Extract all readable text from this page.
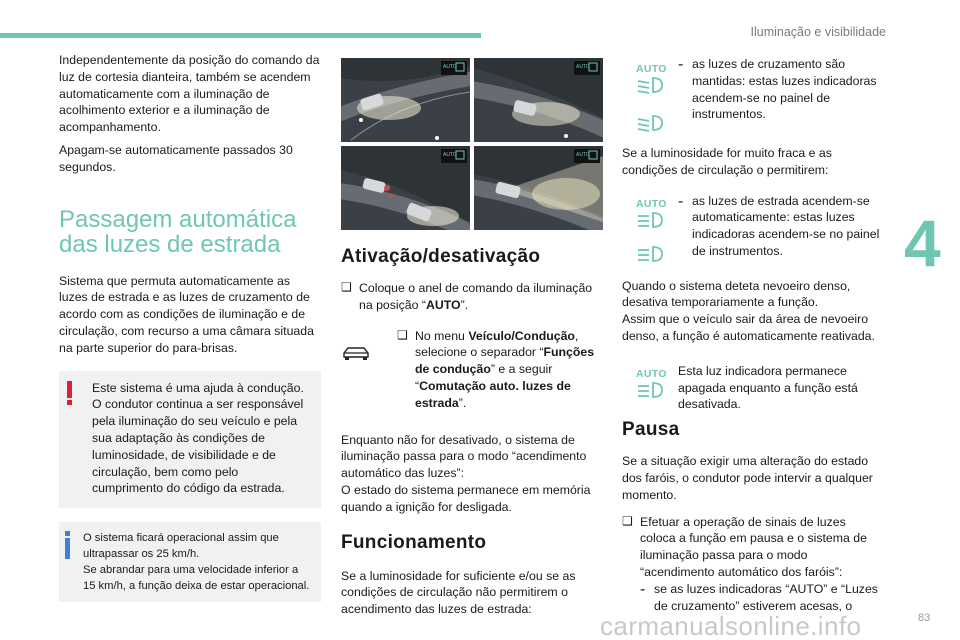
Iluminação e visibilidade
4

Independentemente da posição do comando da luz de cortesia dianteira, também se acendem automaticamente com a iluminação de acolhimento exterior e a iluminação de acompanhamento.

Apagam-se automaticamente passados 30 segundos.

Passagem automática
das luzes de estrada

Sistema que permuta automaticamente as luzes de estrada e as luzes de cruzamento de acordo com as condições de iluminação e de circulação, com recurso a uma câmara situada na parte superior do para-brisas.

Este sistema é uma ajuda à condução.

O condutor continua a ser responsável pela iluminação do seu veículo e pela sua adaptação às condições de luminosidade, de visibilidade e de circulação, bem como pelo cumprimento do código da estrada.

O sistema ficará operacional assim que ultrapassar os 25 km/h.

Se abrandar para uma velocidade inferior a 15 km/h, a função deixa de estar operacional.

AUTO	AUTO
AUTO	AUTO
Ativação/desativação
❑ Coloque o anel de comando da iluminação na posição “AUTO”.

❑ No menu Veículo/Condução, selecione o separador “Funções de condução” e a seguir “Comutação auto. luzes de estrada”.

Enquanto não for desativado, o sistema de iluminação passa para o modo “acendimento automático das luzes”:

O estado do sistema permanece em memória quando a ignição for desligada.

Funcionamento

Se a luminosidade for suficiente e/ou se as condições de circulação não permitirem o acendimento das luzes de estrada:

AUTO - as luzes de cruzamento são mantidas: estas luzes indicadoras acendem-se no painel de instrumentos.

Se a luminosidade for muito fraca e as condições de circulação o permitirem:

AUTO - as luzes de estrada acendem-se automaticamente: estas luzes indicadoras acendem-se no painel de instrumentos.

Quando o sistema deteta nevoeiro denso, desativa temporariamente a função.

Assim que o veículo sair da área de nevoeiro denso, a função é automaticamente reativada.

AUTO Esta luz indicadora permanece apagada enquanto a função está desativada.

Pausa

Se a situação exigir uma alteração do estado dos faróis, o condutor pode intervir a qualquer momento.

❑ Efetuar a operação de sinais de luzes coloca a função em pausa e o sistema de iluminação passa para o modo “acendimento automático dos faróis”:

- se as luzes indicadoras “AUTO” e “Luzes de cruzamento” estiverem acesas, o

carmanualsonline.info	83
